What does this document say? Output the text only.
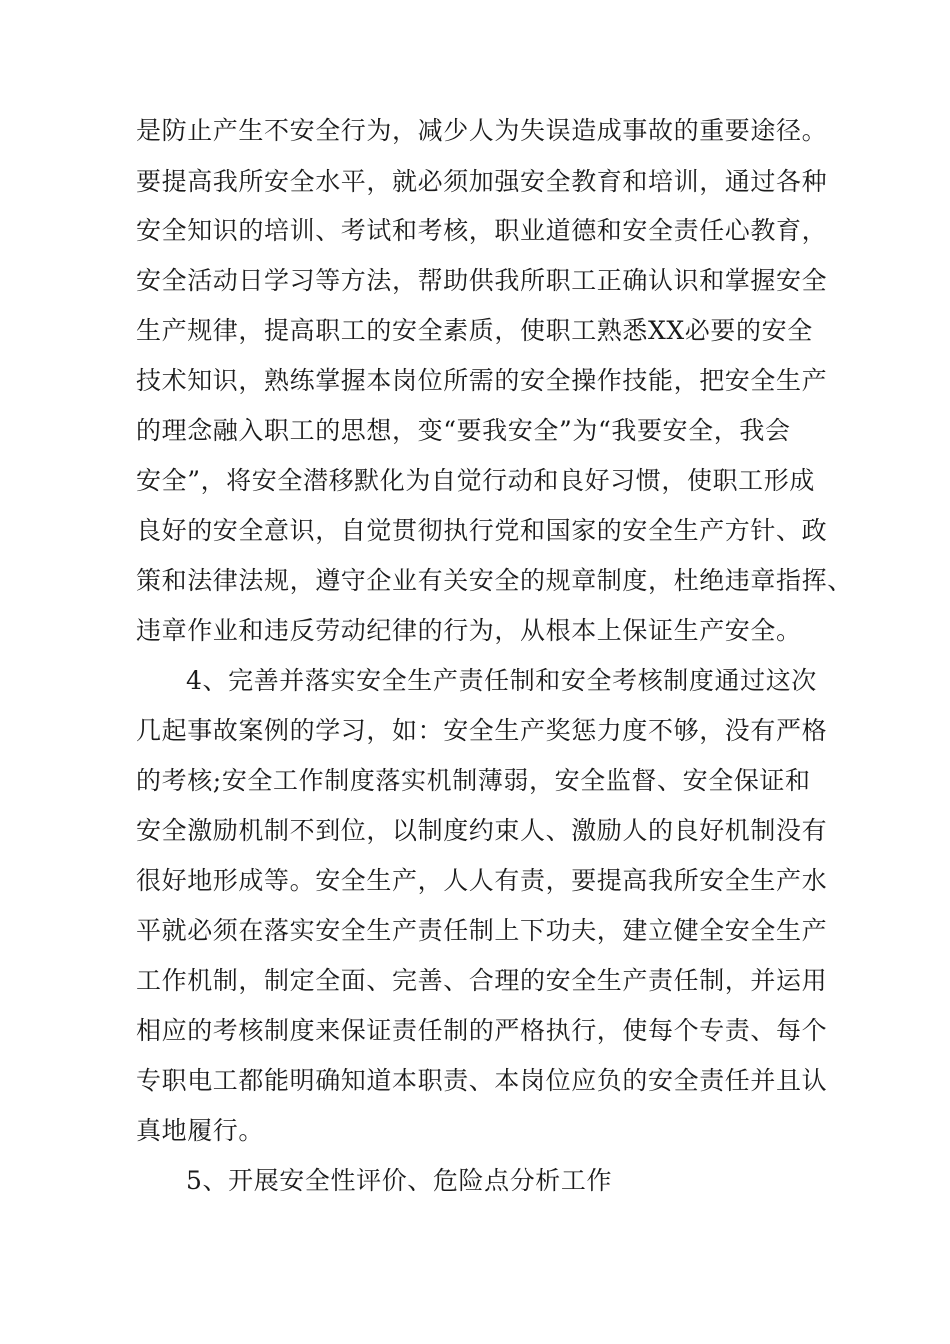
是防止产生不安全行为，减少人为失误造成事故的重要途径。
要提高我所安全水平，就必须加强安全教育和培训，通过各种
安全知识的培训、考试和考核，职业道德和安全责任心教育，
安全活动日学习等方法，帮助供我所职工正确认识和掌握安全
生产规律，提高职工的安全素质，使职工熟悉XX必要的安全
技术知识，熟练掌握本岗位所需的安全操作技能，把安全生产
的理念融入职工的思想，变“要我安全”为“我要安全，我会
安全”，将安全潜移默化为自觉行动和良好习惯，使职工形成
良好的安全意识，自觉贯彻执行党和国家的安全生产方针、政
策和法律法规，遵守企业有关安全的规章制度，杜绝违章指挥、
违章作业和违反劳动纪律的行为，从根本上保证生产安全。
4、完善并落实安全生产责任制和安全考核制度通过这次
几起事故案例的学习，如：安全生产奖惩力度不够，没有严格
的考核;安全工作制度落实机制薄弱，安全监督、安全保证和
安全激励机制不到位，以制度约束人、激励人的良好机制没有
很好地形成等。安全生产，人人有责，要提高我所安全生产水
平就必须在落实安全生产责任制上下功夫，建立健全安全生产
工作机制，制定全面、完善、合理的安全生产责任制，并运用
相应的考核制度来保证责任制的严格执行，使每个专责、每个
专职电工都能明确知道本职责、本岗位应负的安全责任并且认
真地履行。
5、开展安全性评价、危险点分析工作
